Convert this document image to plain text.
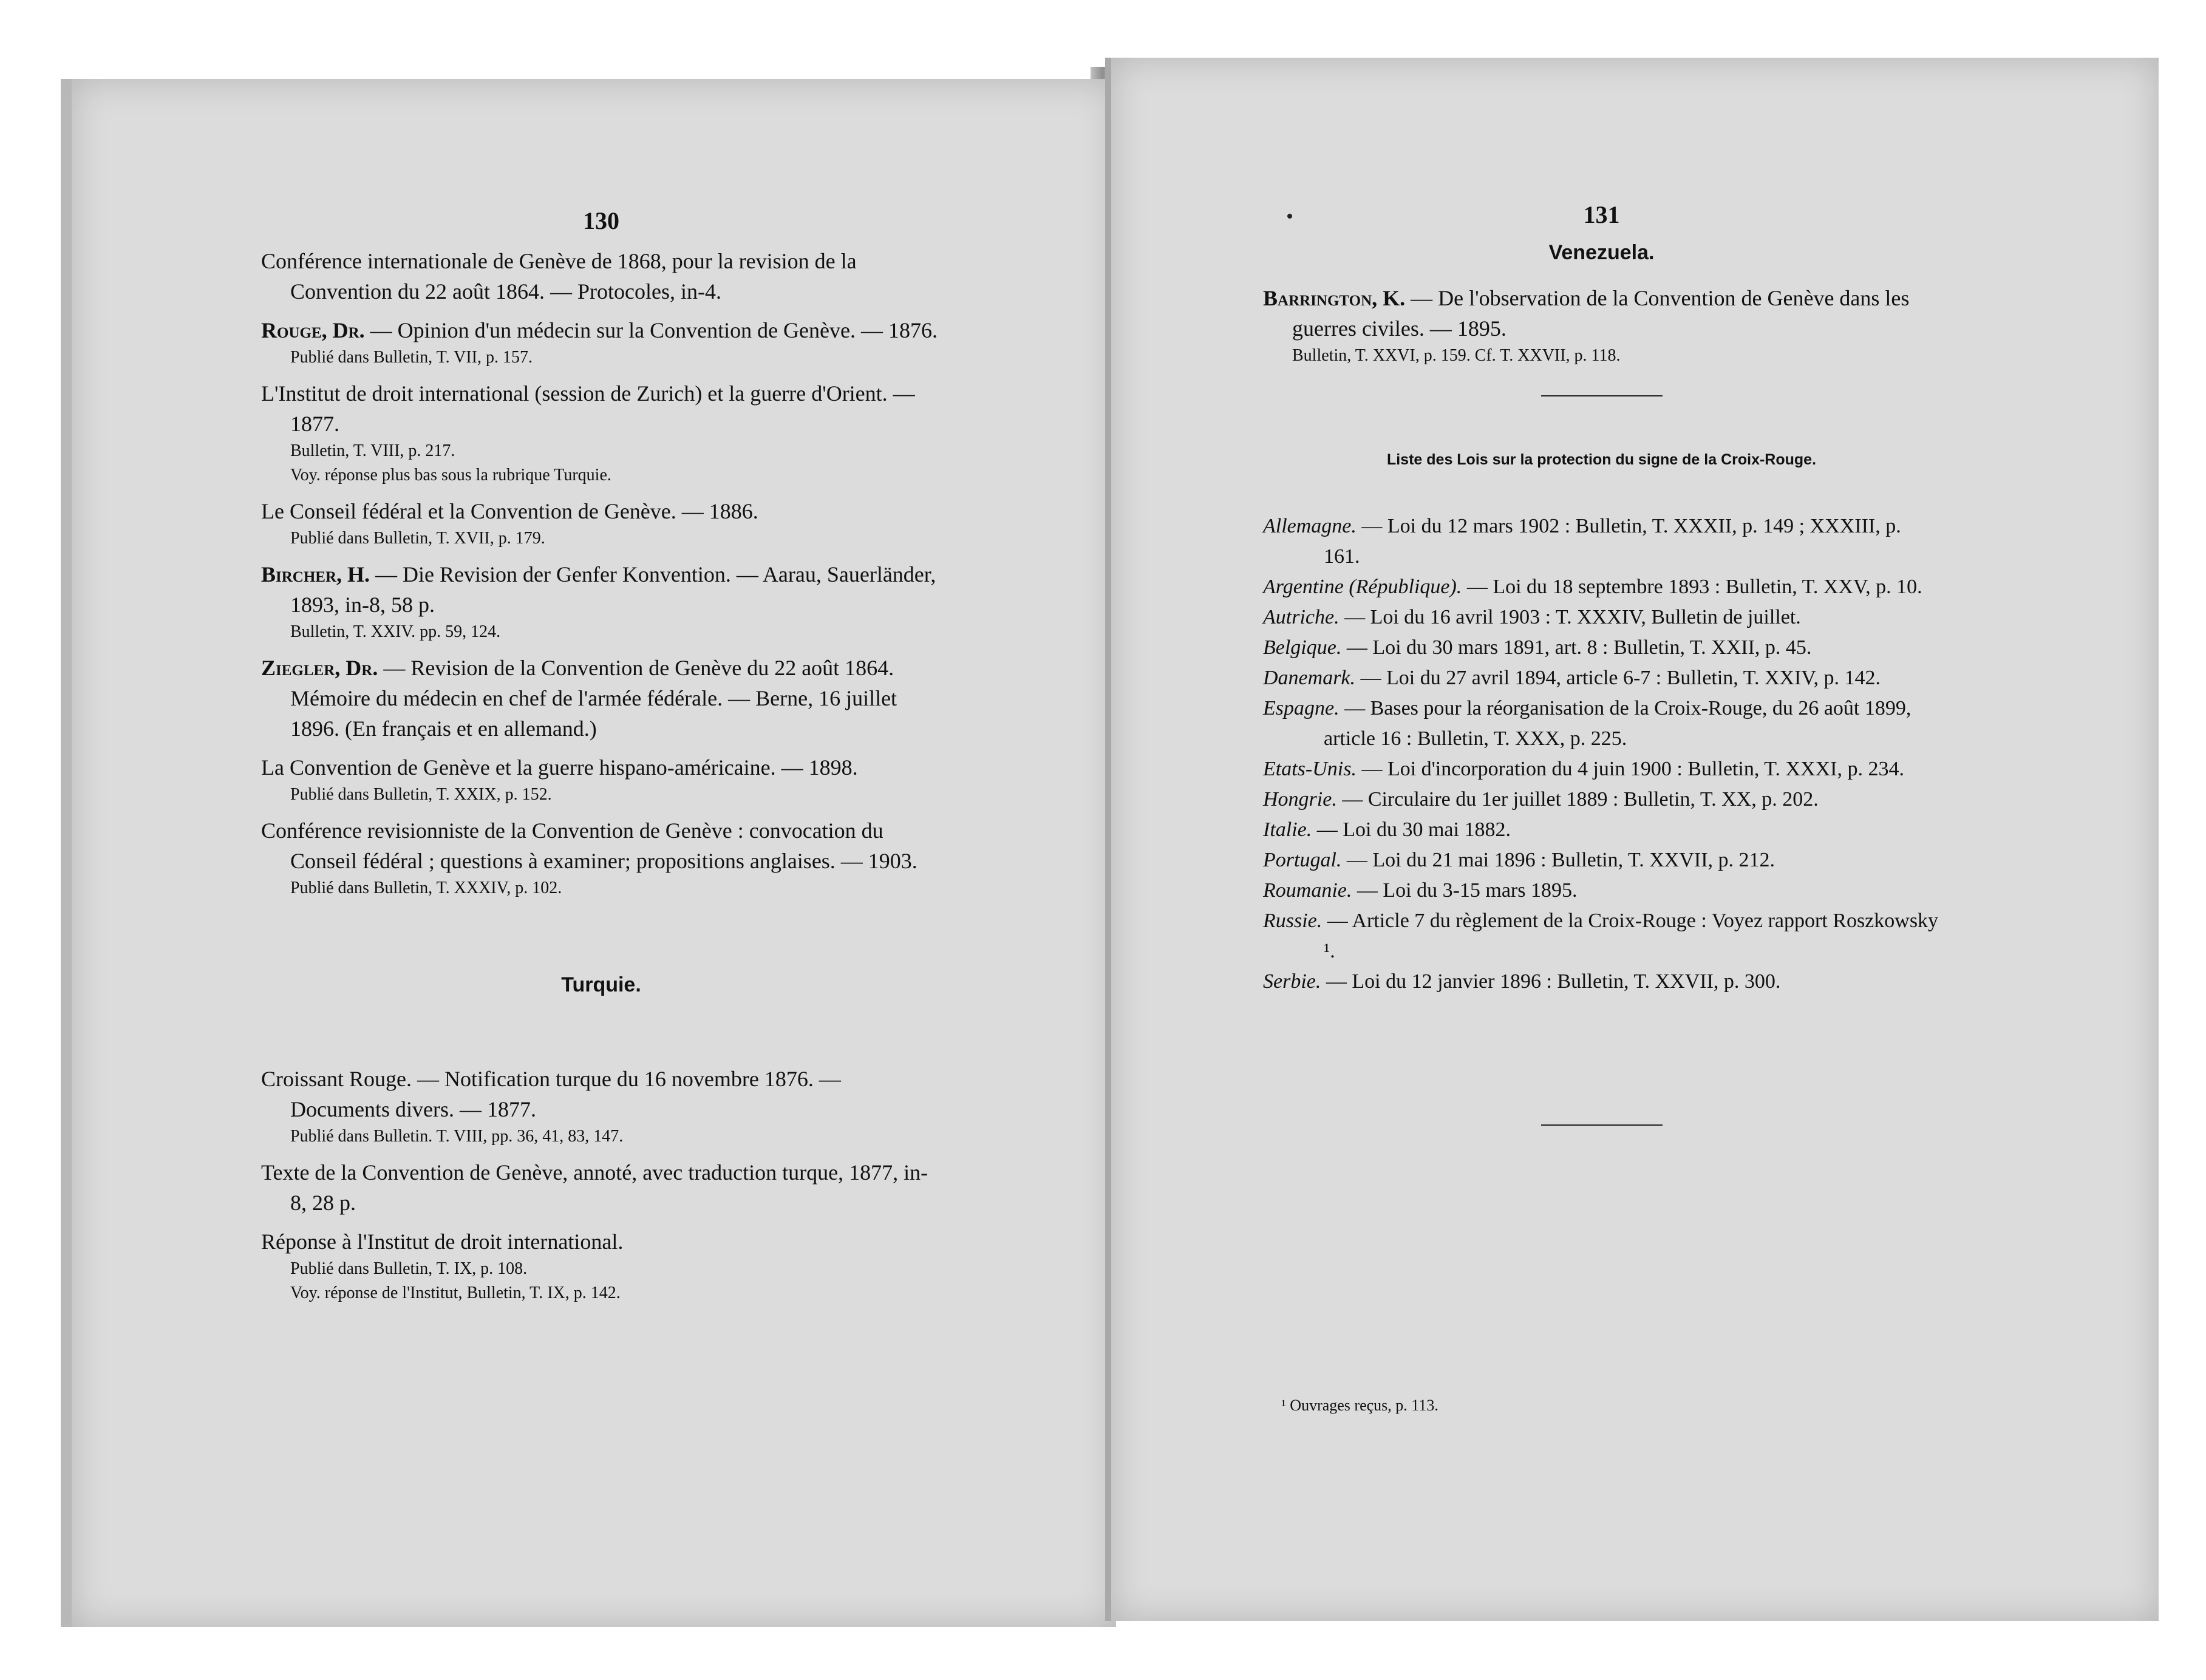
130
Conférence internationale de Genève de 1868, pour la revision de la Convention du 22 août 1864. — Protocoles, in-4.
Rouge, Dr. — Opinion d'un médecin sur la Convention de Genève. — 1876.
Publié dans Bulletin, T. VII, p. 157.
L'Institut de droit international (session de Zurich) et la guerre d'Orient. — 1877.
Bulletin, T. VIII, p. 217.
Voy. réponse plus bas sous la rubrique Turquie.
Le Conseil fédéral et la Convention de Genève. — 1886.
Publié dans Bulletin, T. XVII, p. 179.
Bircher, H. — Die Revision der Genfer Konvention. — Aarau, Sauerländer, 1893, in-8, 58 p.
Bulletin, T. XXIV. pp. 59, 124.
Ziegler, Dr. — Revision de la Convention de Genève du 22 août 1864. Mémoire du médecin en chef de l'armée fédérale. — Berne, 16 juillet 1896. (En français et en allemand.)
La Convention de Genève et la guerre hispano-américaine. — 1898.
Publié dans Bulletin, T. XXIX, p. 152.
Conférence revisionniste de la Convention de Genève : convocation du Conseil fédéral ; questions à examiner; propositions anglaises. — 1903.
Publié dans Bulletin, T. XXXIV, p. 102.
Turquie.
Croissant Rouge. — Notification turque du 16 novembre 1876. — Documents divers. — 1877.
Publié dans Bulletin. T. VIII, pp. 36, 41, 83, 147.
Texte de la Convention de Genève, annoté, avec traduction turque, 1877, in-8, 28 p.
Réponse à l'Institut de droit international.
Publié dans Bulletin, T. IX, p. 108.
Voy. réponse de l'Institut, Bulletin, T. IX, p. 142.
131
Venezuela.
Barrington, K. — De l'observation de la Convention de Genève dans les guerres civiles. — 1895.
Bulletin, T. XXVI, p. 159. Cf. T. XXVII, p. 118.
Liste des Lois sur la protection du signe de la Croix-Rouge.

Allemagne. — Loi du 12 mars 1902 : Bulletin, T. XXXII, p. 149 ; XXXIII, p. 161.

Argentine (République). — Loi du 18 septembre 1893 : Bulletin, T. XXV, p. 10.

Autriche. — Loi du 16 avril 1903 : T. XXXIV, Bulletin de juillet.

Belgique. — Loi du 30 mars 1891, art. 8 : Bulletin, T. XXII, p. 45.

Danemark. — Loi du 27 avril 1894, article 6-7 : Bulletin, T. XXIV, p. 142.

Espagne. — Bases pour la réorganisation de la Croix-Rouge, du 26 août 1899, article 16 : Bulletin, T. XXX, p. 225.

Etats-Unis. — Loi d'incorporation du 4 juin 1900 : Bulletin, T. XXXI, p. 234.

Hongrie. — Circulaire du 1er juillet 1889 : Bulletin, T. XX, p. 202.

Italie. — Loi du 30 mai 1882.

Portugal. — Loi du 21 mai 1896 : Bulletin, T. XXVII, p. 212.

Roumanie. — Loi du 3-15 mars 1895.

Russie. — Article 7 du règlement de la Croix-Rouge : Voyez rapport Roszkowsky ¹.

Serbie. — Loi du 12 janvier 1896 : Bulletin, T. XXVII, p. 300.

¹ Ouvrages reçus, p. 113.
